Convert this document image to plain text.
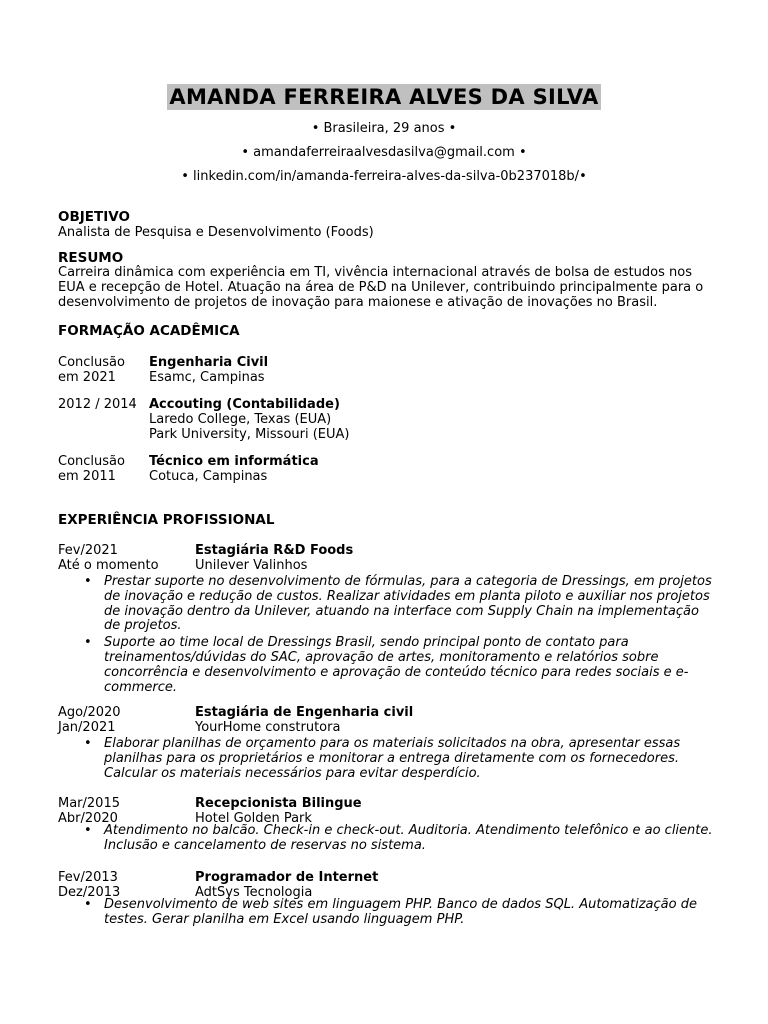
AMANDA FERREIRA ALVES DA SILVA
• Brasileira, 29 anos •
• amandaferreiraalvesdasilva@gmail.com •
• linkedin.com/in/amanda-ferreira-alves-da-silva-0b237018b/•
OBJETIVO
Analista de Pesquisa e Desenvolvimento (Foods)
RESUMO
Carreira dinâmica com experiência em TI, vivência internacional através de bolsa de estudos nos
EUA e recepção de Hotel. Atuação na área de P&D na Unilever, contribuindo principalmente para o
desenvolvimento de projetos de inovação para maionese e ativação de inovações no Brasil.
FORMAÇÃO ACADÊMICA
Conclusão
em 2021
Engenharia Civil
Esamc, Campinas
2012 / 2014 Accouting (Contabilidade)
Laredo College, Texas (EUA)
Park University, Missouri (EUA)
Conclusão
em 2011
Técnico em informática
Cotuca, Campinas
EXPERIÊNCIA PROFISSIONAL
Fev/2021
Até o momento
Estagiária R&D Foods
Unilever Valinhos
• Prestar suporte no desenvolvimento de fórmulas, para a categoria de Dressings, em projetos
de inovação e redução de custos. Realizar atividades em planta piloto e auxiliar nos projetos
de inovação dentro da Unilever, atuando na interface com Supply Chain na implementação
de projetos.
• Suporte ao time local de Dressings Brasil, sendo principal ponto de contato para
treinamentos/dúvidas do SAC, aprovação de artes, monitoramento e relatórios sobre
concorrência e desenvolvimento e aprovação de conteúdo técnico para redes sociais e e-
commerce.
Ago/2020
Jan/2021
Estagiária de Engenharia civil
YourHome construtora
• Elaborar planilhas de orçamento para os materiais solicitados na obra, apresentar essas
planilhas para os proprietários e monitorar a entrega diretamente com os fornecedores.
Calcular os materiais necessários para evitar desperdício.
Mar/2015
Abr/2020
Recepcionista Bilingue
Hotel Golden Park
• Atendimento no balcão. Check-in e check-out. Auditoria. Atendimento telefônico e ao cliente.
Inclusão e cancelamento de reservas no sistema.
Fev/2013
Dez/2013
Programador de Internet
AdtSys Tecnologia
• Desenvolvimento de web sites em linguagem PHP. Banco de dados SQL. Automatização de
testes. Gerar planilha em Excel usando linguagem PHP.
